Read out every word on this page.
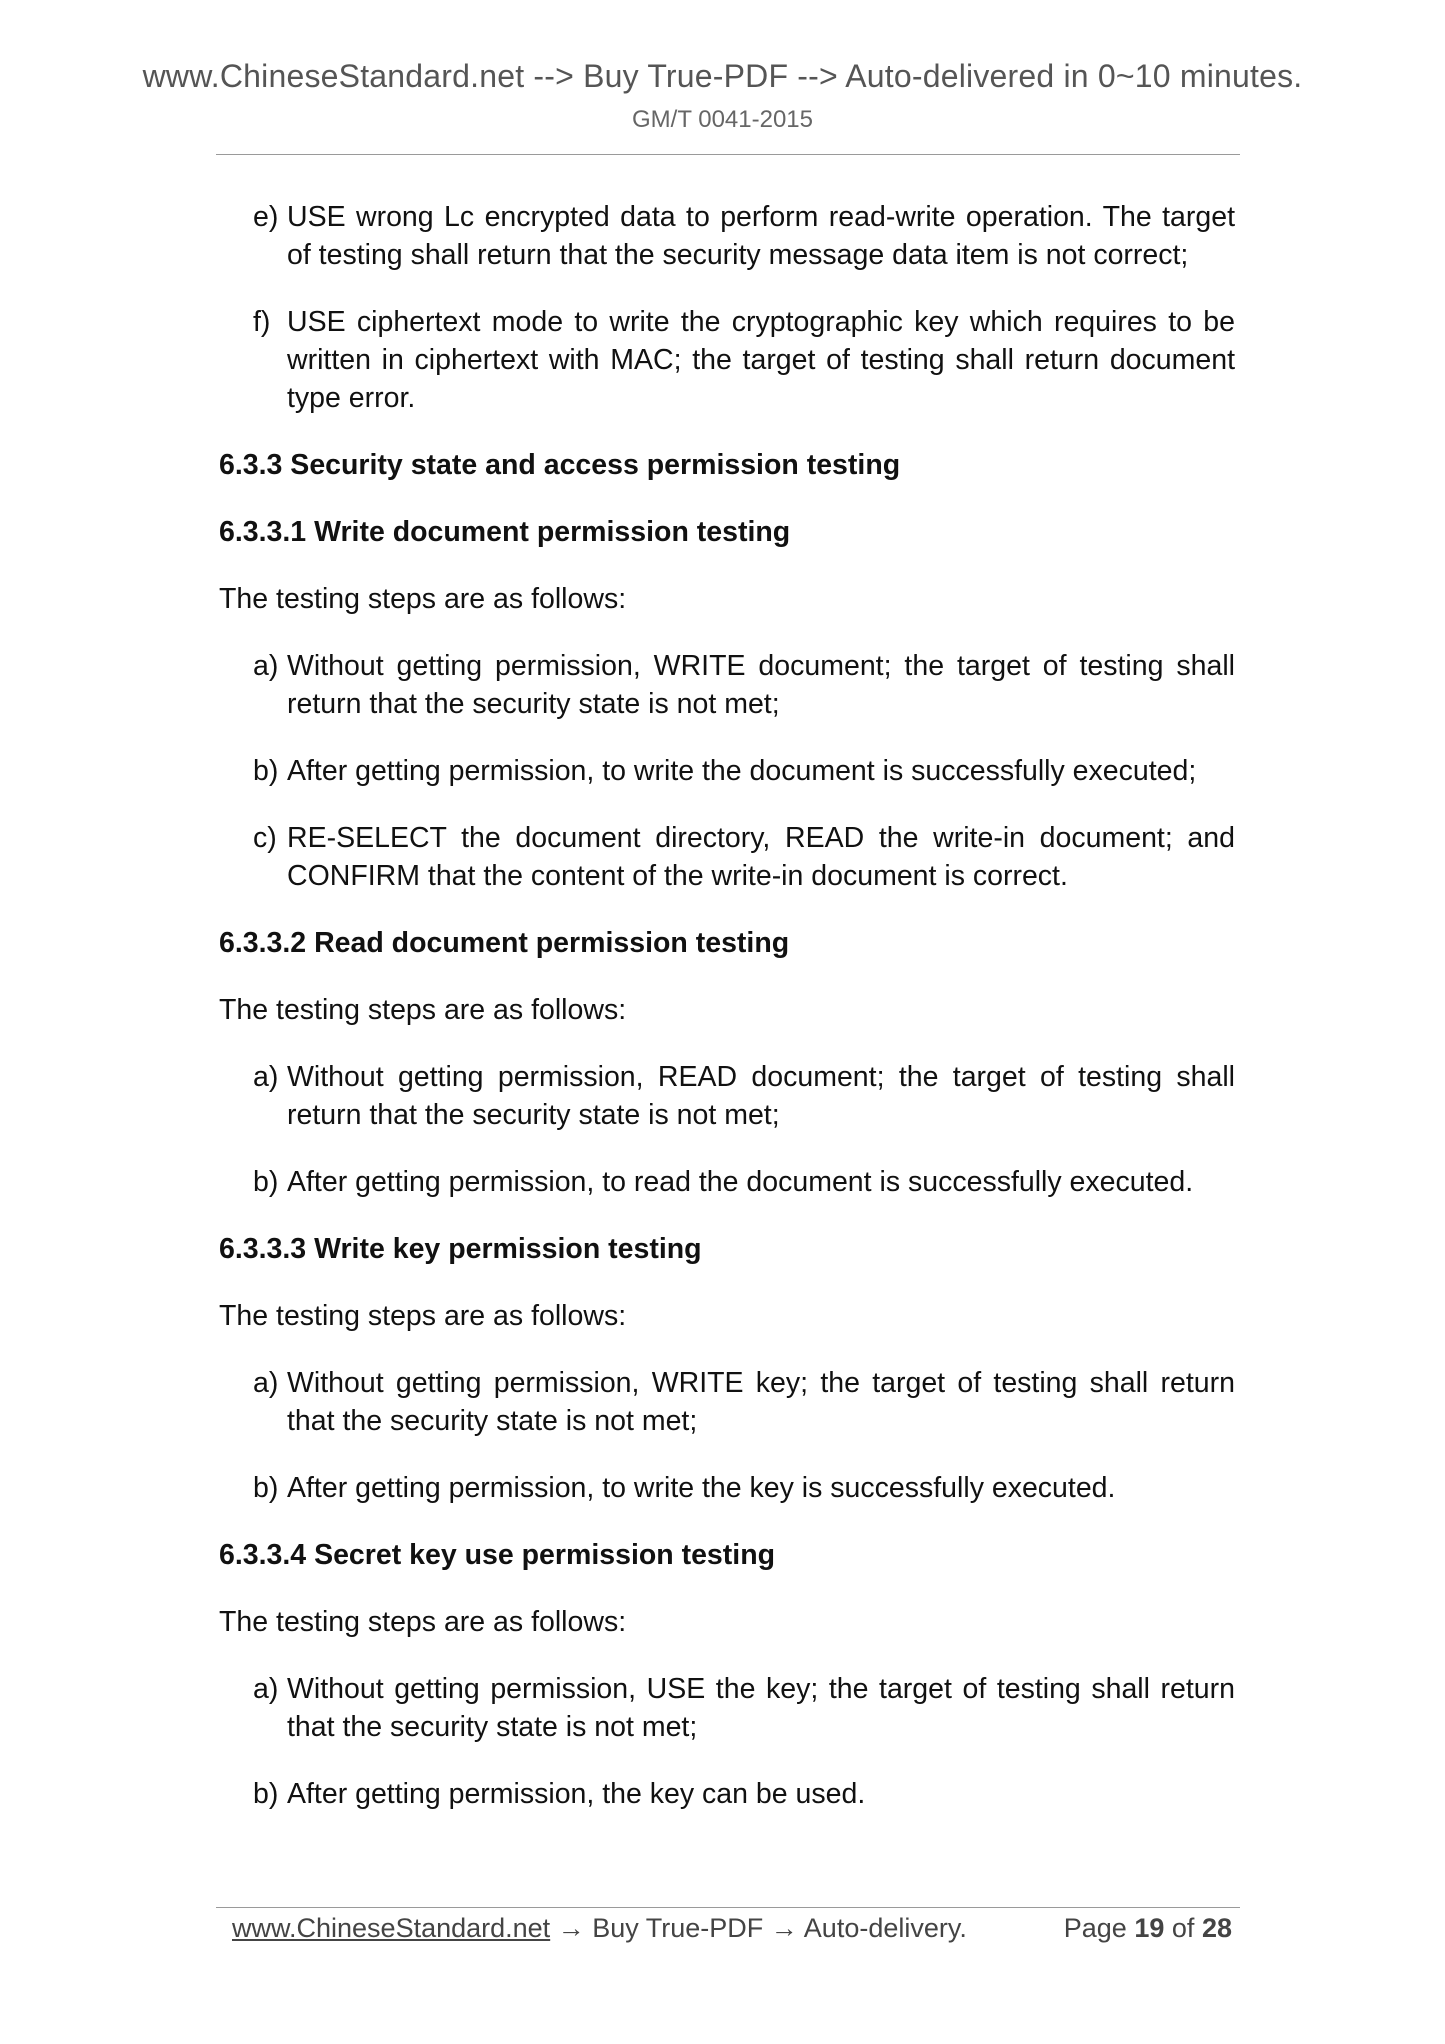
www.ChineseStandard.net --> Buy True-PDF --> Auto-delivered in 0~10 minutes.
GM/T 0041-2015
e) USE wrong Lc encrypted data to perform read-write operation. The target of testing shall return that the security message data item is not correct;
f) USE ciphertext mode to write the cryptographic key which requires to be written in ciphertext with MAC; the target of testing shall return document type error.
6.3.3 Security state and access permission testing
6.3.3.1 Write document permission testing
The testing steps are as follows:
a) Without getting permission, WRITE document; the target of testing shall return that the security state is not met;
b) After getting permission, to write the document is successfully executed;
c) RE-SELECT the document directory, READ the write-in document; and CONFIRM that the content of the write-in document is correct.
6.3.3.2 Read document permission testing
The testing steps are as follows:
a) Without getting permission, READ document; the target of testing shall return that the security state is not met;
b) After getting permission, to read the document is successfully executed.
6.3.3.3 Write key permission testing
The testing steps are as follows:
a) Without getting permission, WRITE key; the target of testing shall return that the security state is not met;
b) After getting permission, to write the key is successfully executed.
6.3.3.4 Secret key use permission testing
The testing steps are as follows:
a) Without getting permission, USE the key; the target of testing shall return that the security state is not met;
b) After getting permission, the key can be used.
www.ChineseStandard.net → Buy True-PDF → Auto-delivery.	Page 19 of 28
